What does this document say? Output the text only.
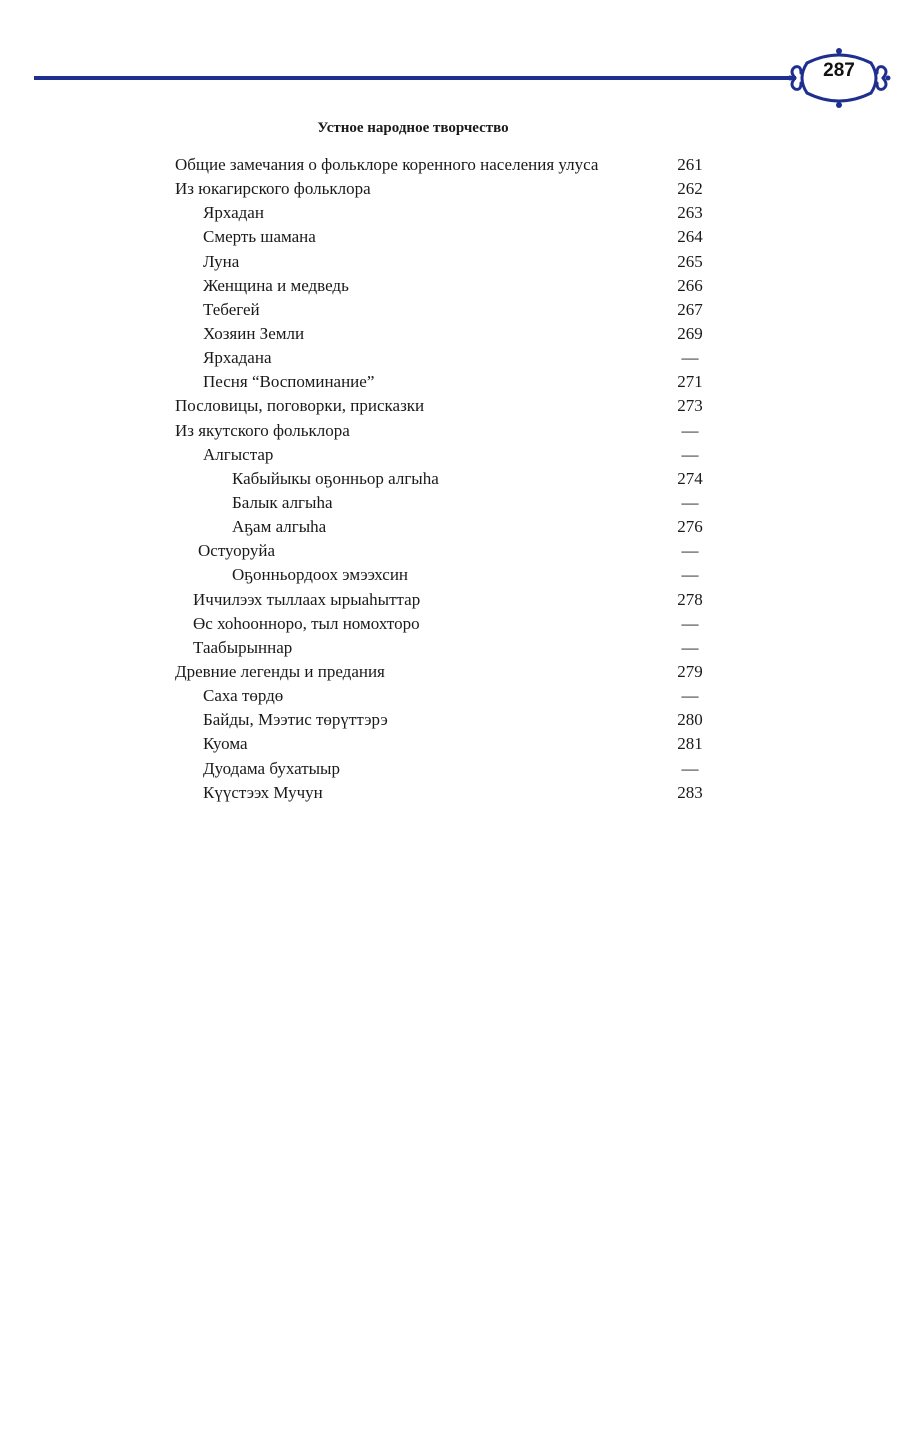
287
Устное народное творчество
Общие замечания о фольклоре коренного населения улуса	261
Из юкагирского фольклора	262
Ярхадан	263
Смерть шамана	264
Луна	265
Женщина и медведь	266
Тебегей	267
Хозяин Земли	269
Ярхадана	—
Песня “Воспоминание”	271
Пословицы, поговорки, присказки	273
Из якутского фольклора	—
Алгыстар	—
Кабыйыкы оҕонньор алгыhа	274
Балык алгыhа	—
Аҕам алгыhа	276
Остуоруйа	—
Оҕонньордоох эмээхсин	—
Иччилээх тыллаах ырыаhыттар	278
Өс хоhооннoро, тыл номохторо	—
Таабырыннар	—
Древние легенды и предания	279
Саха төрдө	—
Байды, Мээтис төрүттэрэ	280
Куома	281
Дуодама бухатыыр	—
Күүстээх Мучун	283
